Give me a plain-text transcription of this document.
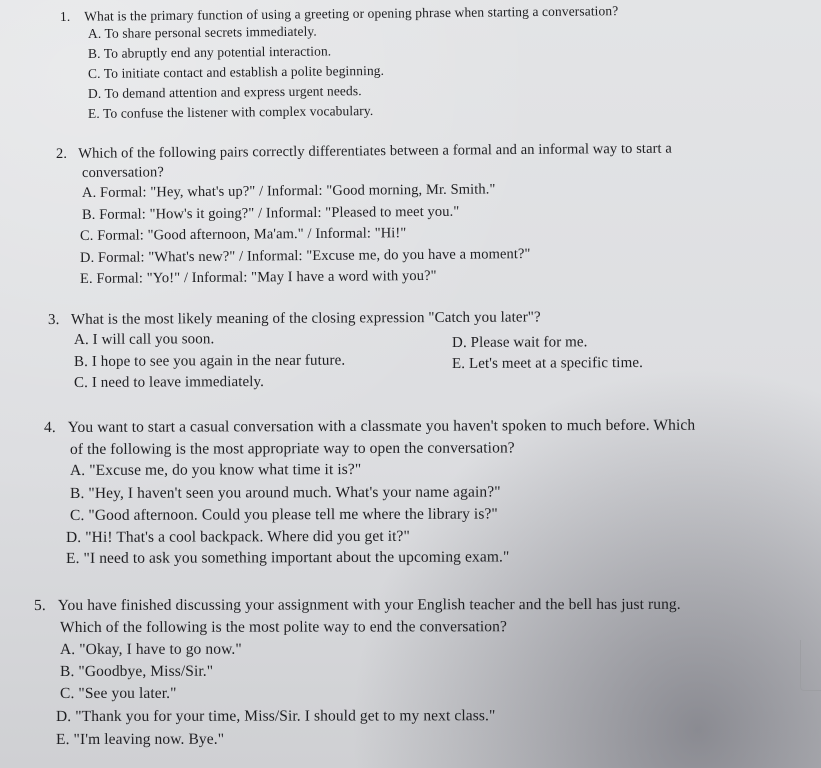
1. What is the primary function of using a greeting or opening phrase when starting a conversation?
A. To share personal secrets immediately.
B. To abruptly end any potential interaction.
C. To initiate contact and establish a polite beginning.
D. To demand attention and express urgent needs.
E. To confuse the listener with complex vocabulary.
2. Which of the following pairs correctly differentiates between a formal and an informal way to start a
conversation?
A. Formal: "Hey, what's up?" / Informal: "Good morning, Mr. Smith."
B. Formal: "How's it going?" / Informal: "Pleased to meet you."
C. Formal: "Good afternoon, Ma'am." / Informal: "Hi!"
D. Formal: "What's new?" / Informal: "Excuse me, do you have a moment?"
E. Formal: "Yo!" / Informal: "May I have a word with you?"
3. What is the most likely meaning of the closing expression "Catch you later"?
A. I will call you soon.
B. I hope to see you again in the near future.
C. I need to leave immediately.
D. Please wait for me.
E. Let's meet at a specific time.
4. You want to start a casual conversation with a classmate you haven't spoken to much before. Which
of the following is the most appropriate way to open the conversation?
A. "Excuse me, do you know what time it is?"
B. "Hey, I haven't seen you around much. What's your name again?"
C. "Good afternoon. Could you please tell me where the library is?"
D. "Hi! That's a cool backpack. Where did you get it?"
E. "I need to ask you something important about the upcoming exam."
5. You have finished discussing your assignment with your English teacher and the bell has just rung.
Which of the following is the most polite way to end the conversation?
A. "Okay, I have to go now."
B. "Goodbye, Miss/Sir."
C. "See you later."
D. "Thank you for your time, Miss/Sir. I should get to my next class."
E. "I'm leaving now. Bye."
